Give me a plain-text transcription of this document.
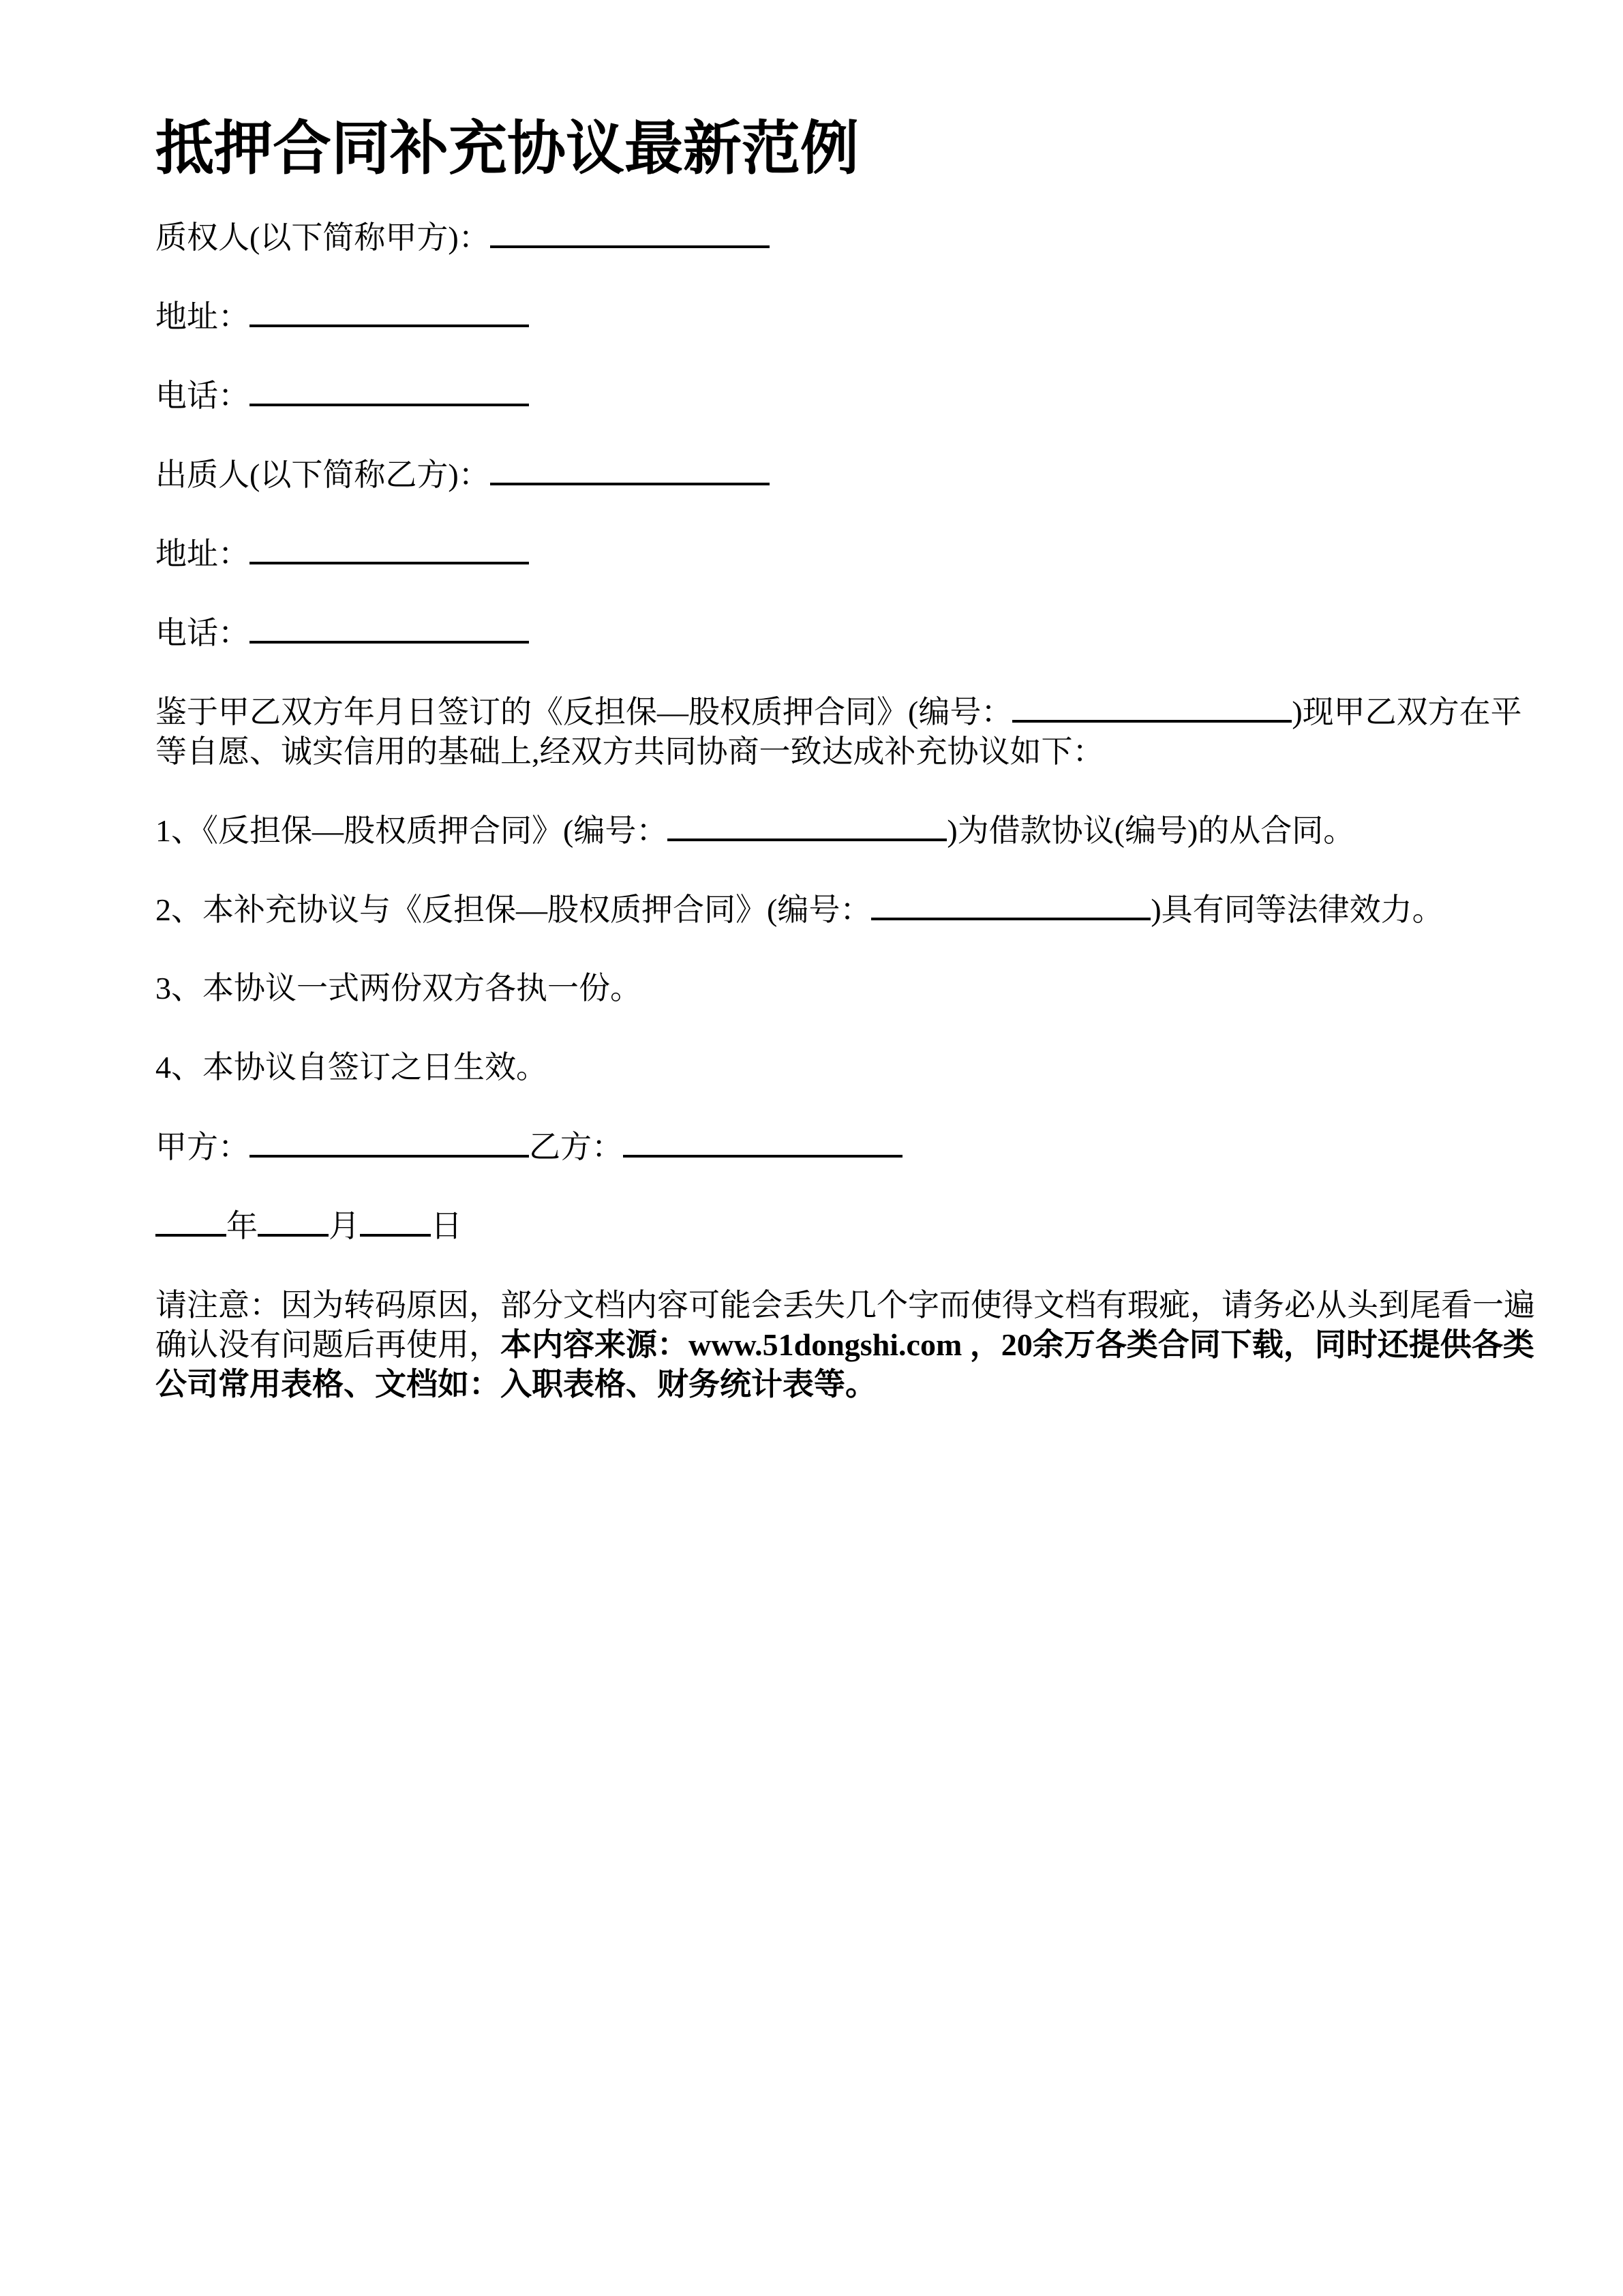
抵押合同补充协议最新范例
质权人(以下简称甲方)：
地址：
电话：
出质人(以下简称乙方)：
地址：
电话：
鉴于甲乙双方年月日签订的《反担保—股权质押合同》(编号：	)现甲乙双方在平等自愿、诚实信用的基础上,经双方共同协商一致达成补充协议如下：
1、《反担保—股权质押合同》(编号：	)为借款协议(编号)的从合同。
2、本补充协议与《反担保—股权质押合同》(编号：	)具有同等法律效力。
3、本协议一式两份双方各执一份。
4、本协议自签订之日生效。
甲方：	乙方：
年 月 日
请注意：因为转码原因，部分文档内容可能会丢失几个字而使得文档有瑕疵，请务必从头到尾看一遍确认没有问题后再使用，本内容来源：www.51dongshi.com ，20余万各类合同下载，同时还提供各类公司常用表格、文档如：入职表格、财务统计表等。
